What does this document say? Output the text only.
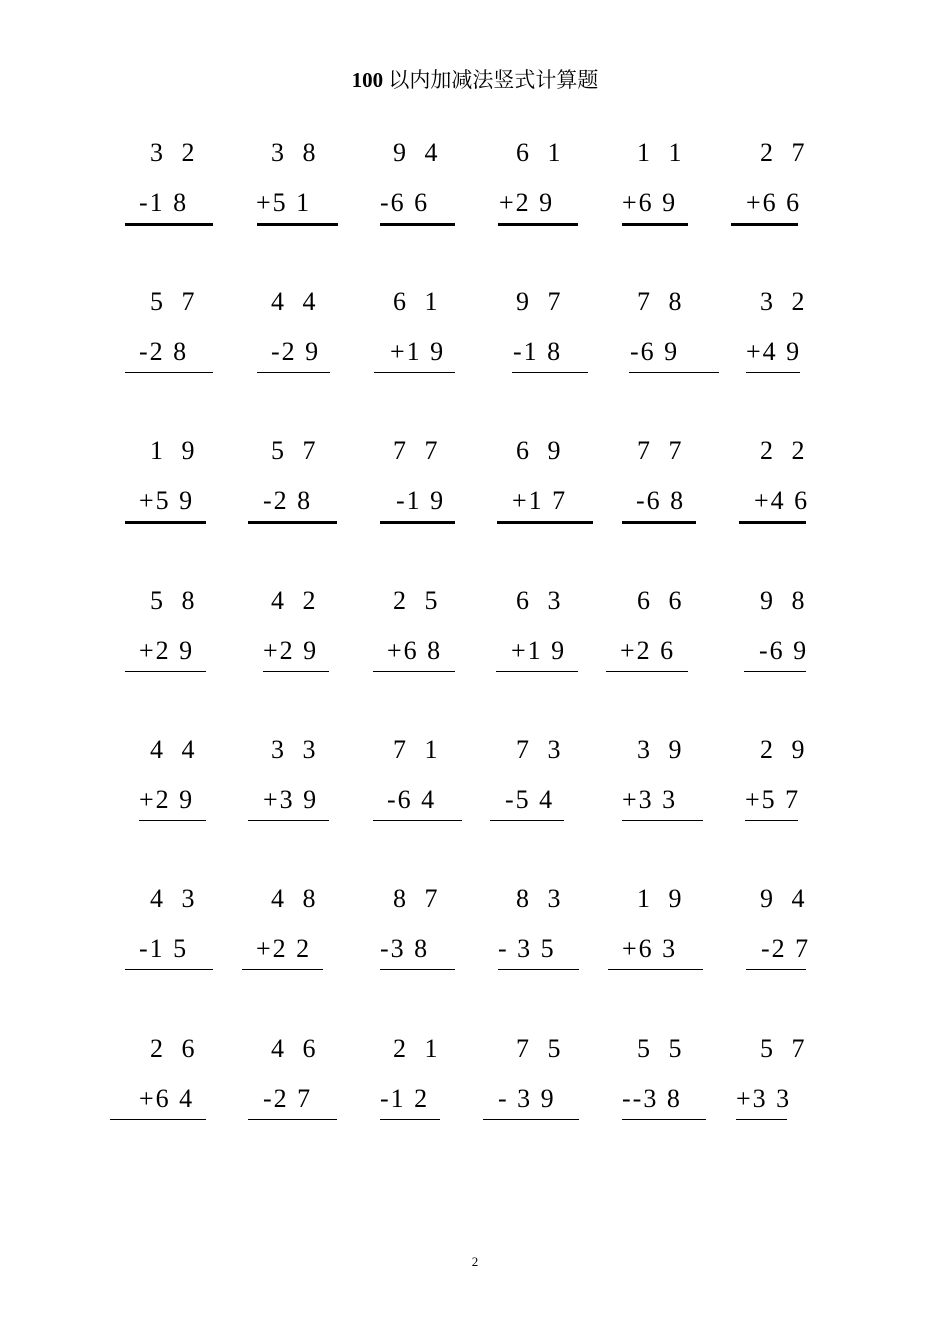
100 以内加减法竖式计算题
3 2
-1 8
3 8
+5 1
9 4
-6 6
6 1
+2 9
1 1
+6 9
2 7
+6 6
5 7
-2 8
4 4
-2 9
6 1
+1 9
9 7
-1 8
7 8
-6 9
3 2
+4 9
1 9
+5 9
5 7
-2 8
7 7
-1 9
6 9
+1 7
7 7
-6 8
2 2
+4 6
5 8
+2 9
4 2
+2 9
2 5
+6 8
6 3
+1 9
6 6
+2 6
9 8
-6 9
4 4
+2 9
3 3
+3 9
7 1
-6 4
7 3
-5 4
3 9
+3 3
2 9
+5 7
4 3
-1 5
4 8
+2 2
8 7
-3 8
8 3
- 3 5
1 9
+6 3
9 4
-2 7
2 6
+6 4
4 6
-2 7
2 1
-1 2
7 5
- 3 9
5 5
--3 8
5 7
+3 3
2
